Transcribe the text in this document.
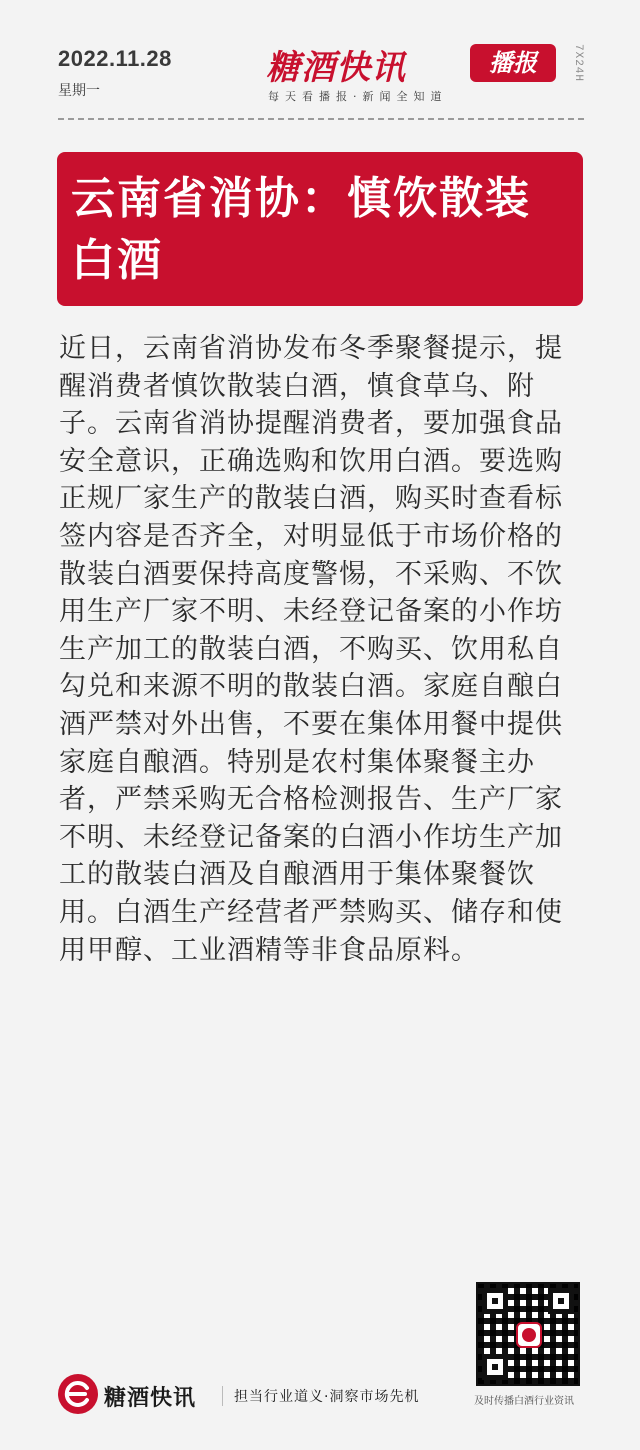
2022.11.28
星期一
糖酒快讯	播报
每天看播报·新闻全知道
7X24H
云南省消协：慎饮散装白酒

近日，云南省消协发布冬季聚餐提示，提醒消费者慎饮散装白酒，慎食草乌、附子。云南省消协提醒消费者，要加强食品安全意识，正确选购和饮用白酒。要选购正规厂家生产的散装白酒，购买时查看标签内容是否齐全，对明显低于市场价格的散装白酒要保持高度警惕，不采购、不饮用生产厂家不明、未经登记备案的小作坊生产加工的散装白酒，不购买、饮用私自勾兑和来源不明的散装白酒。家庭自酿白酒严禁对外出售，不要在集体用餐中提供家庭自酿酒。特别是农村集体聚餐主办者，严禁采购无合格检测报告、生产厂家不明、未经登记备案的白酒小作坊生产加工的散装白酒及自酿酒用于集体聚餐饮用。白酒生产经营者严禁购买、储存和使用甲醇、工业酒精等非食品原料。

糖酒快讯	担当行业道义·洞察市场先机	及时传播白酒行业资讯
